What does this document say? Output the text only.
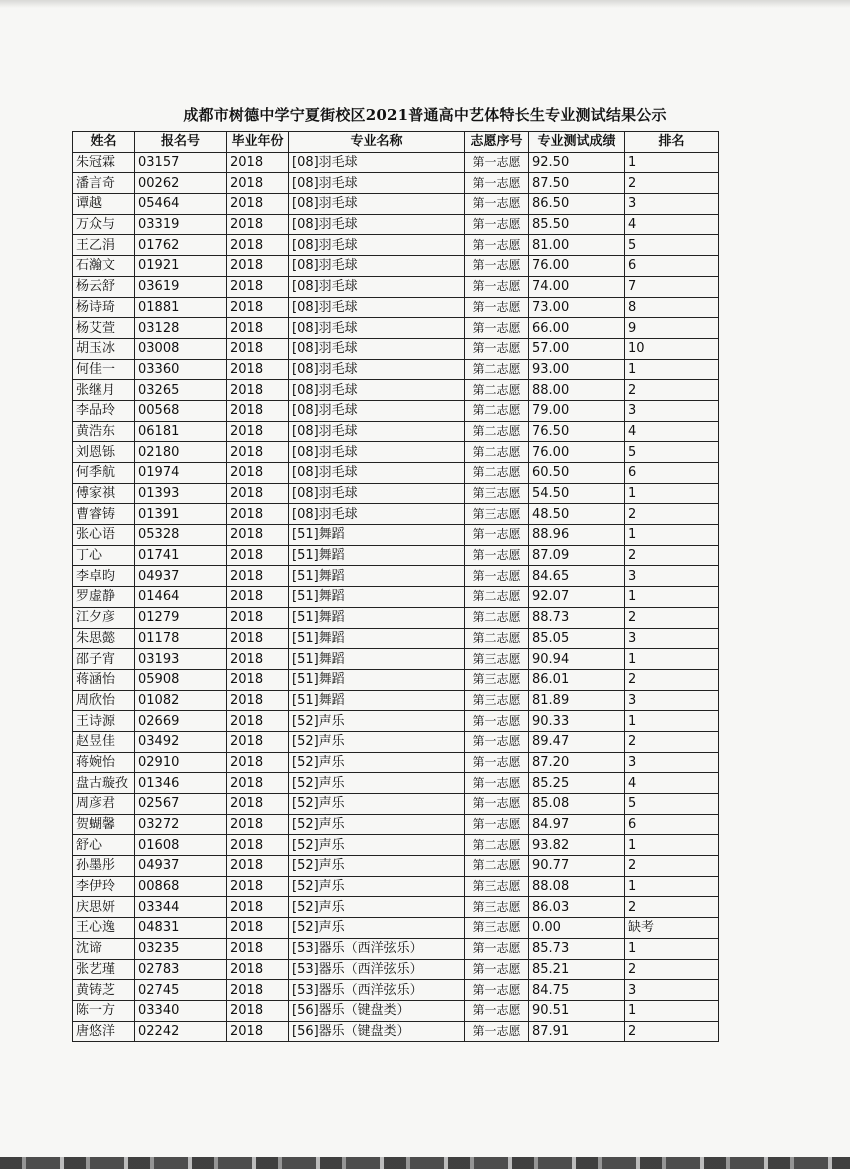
成都市树德中学宁夏街校区2021普通高中艺体特长生专业测试结果公示
姓名	报名号	毕业年份	专业名称	志愿序号	专业测试成绩	排名
朱冠霖	03157	2018	[08]羽毛球	第一志愿	92.50	1
潘言奇	00262	2018	[08]羽毛球	第一志愿	87.50	2
谭越	05464	2018	[08]羽毛球	第一志愿	86.50	3
万众与	03319	2018	[08]羽毛球	第一志愿	85.50	4
王乙涓	01762	2018	[08]羽毛球	第一志愿	81.00	5
石瀚文	01921	2018	[08]羽毛球	第一志愿	76.00	6
杨云舒	03619	2018	[08]羽毛球	第一志愿	74.00	7
杨诗琦	01881	2018	[08]羽毛球	第一志愿	73.00	8
杨艾萱	03128	2018	[08]羽毛球	第一志愿	66.00	9
胡玉冰	03008	2018	[08]羽毛球	第一志愿	57.00	10
何佳一	03360	2018	[08]羽毛球	第二志愿	93.00	1
张继月	03265	2018	[08]羽毛球	第二志愿	88.00	2
李品玲	00568	2018	[08]羽毛球	第二志愿	79.00	3
黄浩东	06181	2018	[08]羽毛球	第二志愿	76.50	4
刘恩铄	02180	2018	[08]羽毛球	第二志愿	76.00	5
何季航	01974	2018	[08]羽毛球	第二志愿	60.50	6
傅家祺	01393	2018	[08]羽毛球	第三志愿	54.50	1
曹睿铸	01391	2018	[08]羽毛球	第三志愿	48.50	2
张心语	05328	2018	[51]舞蹈	第一志愿	88.96	1
丁心	01741	2018	[51]舞蹈	第一志愿	87.09	2
李卓昀	04937	2018	[51]舞蹈	第一志愿	84.65	3
罗虚静	01464	2018	[51]舞蹈	第二志愿	92.07	1
江夕彦	01279	2018	[51]舞蹈	第二志愿	88.73	2
朱思懿	01178	2018	[51]舞蹈	第二志愿	85.05	3
邵子宵	03193	2018	[51]舞蹈	第三志愿	90.94	1
蒋涵怡	05908	2018	[51]舞蹈	第三志愿	86.01	2
周欣怡	01082	2018	[51]舞蹈	第三志愿	81.89	3
王诗源	02669	2018	[52]声乐	第一志愿	90.33	1
赵昱佳	03492	2018	[52]声乐	第一志愿	89.47	2
蒋婉怡	02910	2018	[52]声乐	第一志愿	87.20	3
盘古璇孜	01346	2018	[52]声乐	第一志愿	85.25	4
周彦君	02567	2018	[52]声乐	第一志愿	85.08	5
贺蝴馨	03272	2018	[52]声乐	第一志愿	84.97	6
舒心	01608	2018	[52]声乐	第二志愿	93.82	1
孙墨彤	04937	2018	[52]声乐	第二志愿	90.77	2
李伊玲	00868	2018	[52]声乐	第三志愿	88.08	1
庆思妍	03344	2018	[52]声乐	第三志愿	86.03	2
王心逸	04831	2018	[52]声乐	第三志愿	0.00	缺考
沈谛	03235	2018	[53]器乐（西洋弦乐）	第一志愿	85.73	1
张艺瑾	02783	2018	[53]器乐（西洋弦乐）	第一志愿	85.21	2
黄铸芝	02745	2018	[53]器乐（西洋弦乐）	第一志愿	84.75	3
陈一方	03340	2018	[56]器乐（键盘类）	第一志愿	90.51	1
唐悠洋	02242	2018	[56]器乐（键盘类）	第一志愿	87.91	2
